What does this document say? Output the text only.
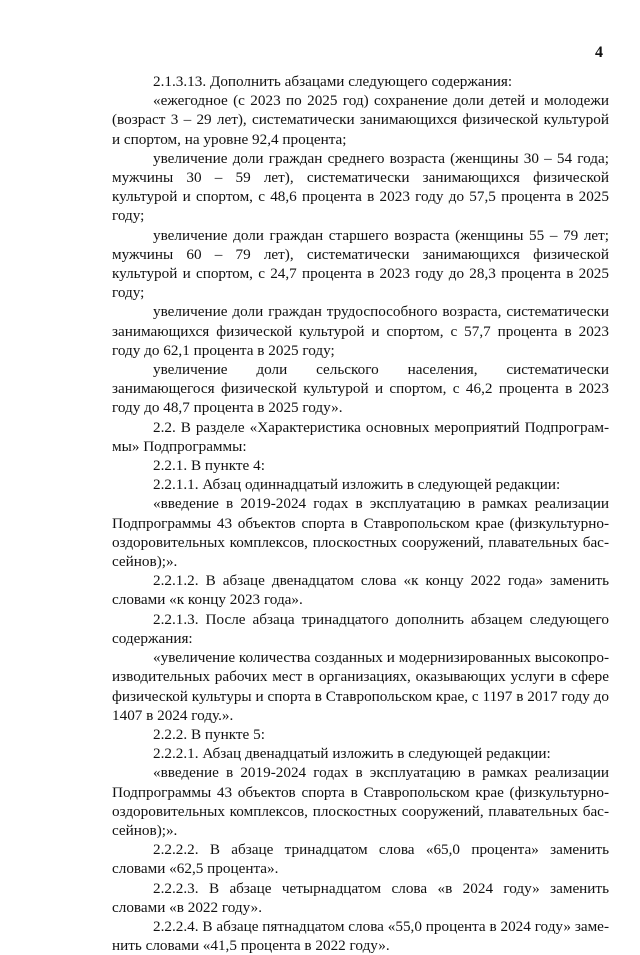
4

2.1.3.13. Дополнить абзацами следующего содержания:

«ежегодное (с 2023 по 2025 год) сохранение доли детей и молодежи (возраст 3 – 29 лет), систематически занимающихся физической культурой и спортом, на уровне 92,4 процента;

увеличение доли граждан среднего возраста (женщины 30 – 54 года; мужчины 30 – 59 лет), систематически занимающихся физической культурой и спортом, с 48,6 процента в 2023 году до 57,5 процента в 2025 году;

увеличение доли граждан старшего возраста (женщины 55 – 79 лет; мужчины 60 – 79 лет), систематически занимающихся физической культурой и спортом, с 24,7 процента в 2023 году до 28,3 процента в 2025 году;

увеличение доли граждан трудоспособного возраста, систематически занимающихся физической культурой и спортом, с 57,7 процента в 2023 году до 62,1 процента в 2025 году;

увеличение доли сельского населения, систематически занимающегося физической культурой и спортом, с 46,2 процента в 2023 году до 48,7 процента в 2025 году».

2.2. В разделе «Характеристика основных мероприятий Подпрограммы» Подпрограммы:

2.2.1. В пункте 4:

2.2.1.1. Абзац одиннадцатый изложить в следующей редакции:

«введение в 2019-2024 годах в эксплуатацию в рамках реализации Подпрограммы 43 объектов спорта в Ставропольском крае (физкультурно-оздоровительных комплексов, плоскостных сооружений, плавательных бассейнов);».

2.2.1.2. В абзаце двенадцатом слова «к концу 2022 года» заменить словами «к концу 2023 года».

2.2.1.3. После абзаца тринадцатого дополнить абзацем следующего содержания:

«увеличение количества созданных и модернизированных высокопроизводительных рабочих мест в организациях, оказывающих услуги в сфере физической культуры и спорта в Ставропольском крае, с 1197 в 2017 году до 1407 в 2024 году.».

2.2.2. В пункте 5:

2.2.2.1. Абзац двенадцатый изложить в следующей редакции:

«введение в 2019-2024 годах в эксплуатацию в рамках реализации Подпрограммы 43 объектов спорта в Ставропольском крае (физкультурно-оздоровительных комплексов, плоскостных сооружений, плавательных бассейнов);».

2.2.2.2. В абзаце тринадцатом слова «65,0 процента» заменить словами «62,5 процента».

2.2.2.3. В абзаце четырнадцатом слова «в 2024 году» заменить словами «в 2022 году».

2.2.2.4. В абзаце пятнадцатом слова «55,0 процента в 2024 году» заменить словами «41,5 процента в 2022 году».
